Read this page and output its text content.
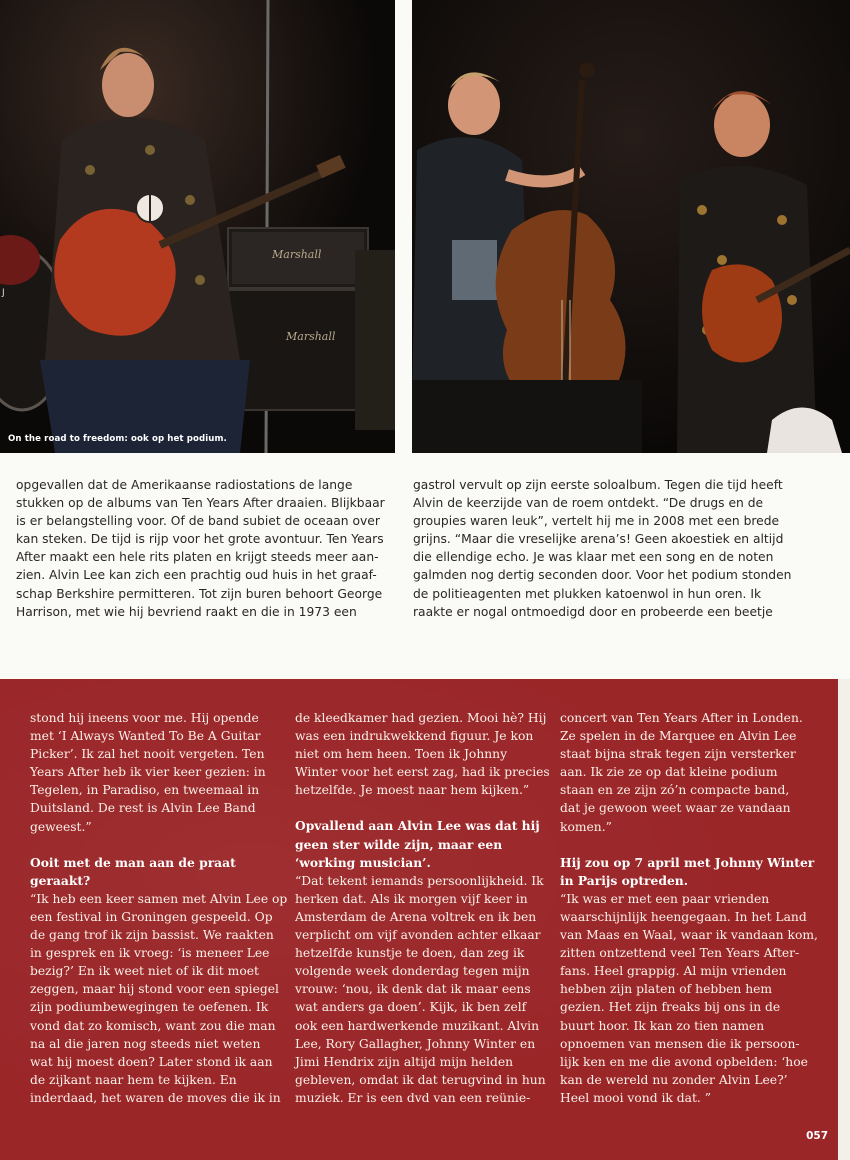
Marshall
Marshall
J
On the road to freedom: ook op het podium.

opgevallen dat de Amerikaanse radiostations de lange
stukken op de albums van Ten Years After draaien. Blijkbaar
is er belangstelling voor. Of de band subiet de oceaan over
kan steken. De tijd is rijp voor het grote avontuur. Ten Years
After maakt een hele rits platen en krijgt steeds meer aan-
zien. Alvin Lee kan zich een prachtig oud huis in het graaf-
schap Berkshire permitteren. Tot zijn buren behoort George
Harrison, met wie hij bevriend raakt en die in 1973 een

gastrol vervult op zijn eerste soloalbum. Tegen die tijd heeft
Alvin de keerzijde van de roem ontdekt. “De drugs en de
groupies waren leuk”, vertelt hij me in 2008 met een brede
grijns. “Maar die vreselijke arena’s! Geen akoestiek en altijd
die ellendige echo. Je was klaar met een song en de noten
galmden nog dertig seconden door. Voor het podium stonden
de politieagenten met plukken katoenwol in hun oren. Ik
raakte er nogal ontmoedigd door en probeerde een beetje

stond hij ineens voor me. Hij opende
met ‘I Always Wanted To Be A Guitar
Picker’. Ik zal het nooit vergeten. Ten
Years After heb ik vier keer gezien: in
Tegelen, in Paradiso, en tweemaal in
Duitsland. De rest is Alvin Lee Band
geweest.”

Ooit met de man aan de praat
geraakt?

“Ik heb een keer samen met Alvin Lee op
een festival in Groningen gespeeld. Op
de gang trof ik zijn bassist. We raakten
in gesprek en ik vroeg: ‘is meneer Lee
bezig?’ En ik weet niet of ik dit moet
zeggen, maar hij stond voor een spiegel
zijn podiumbewegingen te oefenen. Ik
vond dat zo komisch, want zou die man
na al die jaren nog steeds niet weten
wat hij moest doen? Later stond ik aan
de zijkant naar hem te kijken. En
inderdaad, het waren de moves die ik in

de kleedkamer had gezien. Mooi hè? Hij
was een indrukwekkend figuur. Je kon
niet om hem heen. Toen ik Johnny
Winter voor het eerst zag, had ik precies
hetzelfde. Je moest naar hem kijken.”

Opvallend aan Alvin Lee was dat hij
geen ster wilde zijn, maar een
‘working musician’.

“Dat tekent iemands persoonlijkheid. Ik
herken dat. Als ik morgen vijf keer in
Amsterdam de Arena voltrek en ik ben
verplicht om vijf avonden achter elkaar
hetzelfde kunstje te doen, dan zeg ik
volgende week donderdag tegen mijn
vrouw: ‘nou, ik denk dat ik maar eens
wat anders ga doen’. Kijk, ik ben zelf
ook een hardwerkende muzikant. Alvin
Lee, Rory Gallagher, Johnny Winter en
Jimi Hendrix zijn altijd mijn helden
gebleven, omdat ik dat terugvind in hun
muziek. Er is een dvd van een reünie-

concert van Ten Years After in Londen.
Ze spelen in de Marquee en Alvin Lee
staat bijna strak tegen zijn versterker
aan. Ik zie ze op dat kleine podium
staan en ze zijn zó’n compacte band,
dat je gewoon weet waar ze vandaan
komen.”

Hij zou op 7 april met Johnny Winter
in Parijs optreden.

“Ik was er met een paar vrienden
waarschijnlijk heengegaan. In het Land
van Maas en Waal, waar ik vandaan kom,
zitten ontzettend veel Ten Years After-
fans. Heel grappig. Al mijn vrienden
hebben zijn platen of hebben hem
gezien. Het zijn freaks bij ons in de
buurt hoor. Ik kan zo tien namen
opnoemen van mensen die ik persoon-
lijk ken en me die avond opbelden: ‘hoe
kan de wereld nu zonder Alvin Lee?’
Heel mooi vond ik dat. ”

057
